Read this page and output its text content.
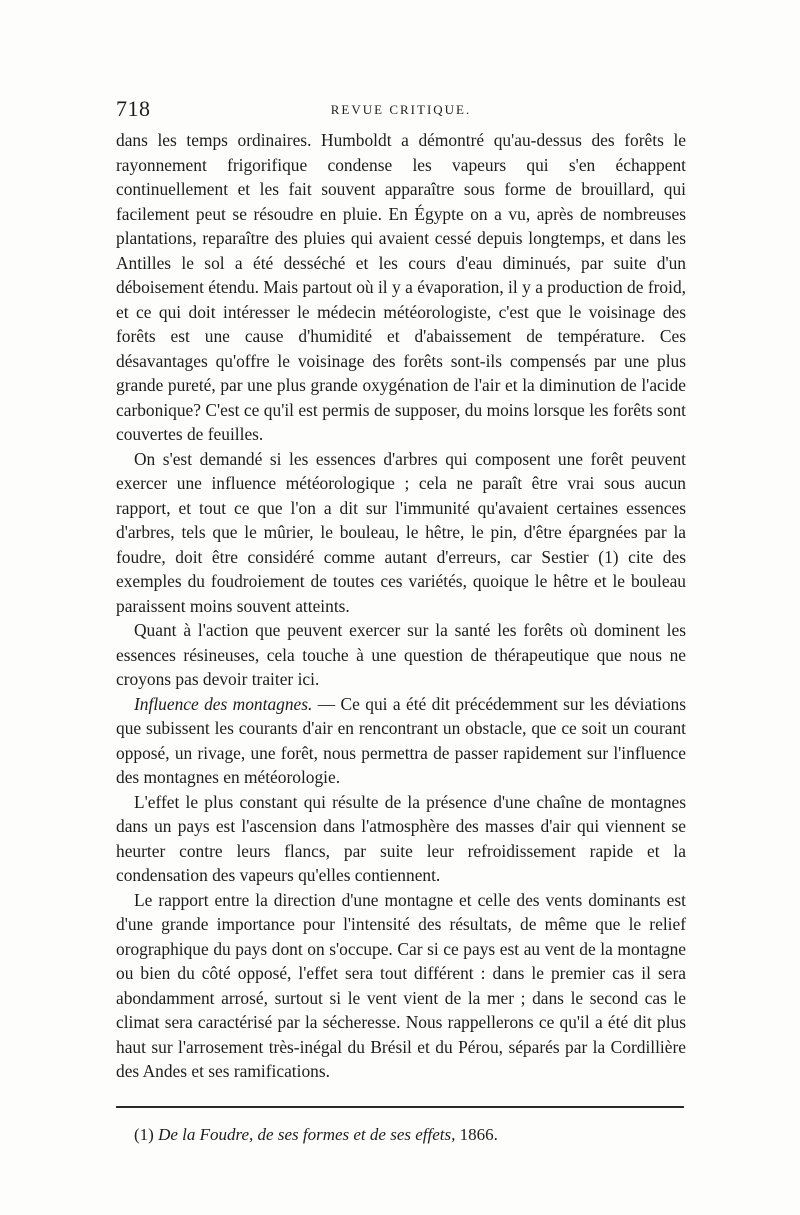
718	REVUE CRITIQUE.

dans les temps ordinaires. Humboldt a démontré qu'au-dessus des forêts le rayonnement frigorifique condense les vapeurs qui s'en échappent continuellement et les fait souvent apparaître sous forme de brouillard, qui facilement peut se résoudre en pluie. En Égypte on a vu, après de nombreuses plantations, reparaître des pluies qui avaient cessé depuis longtemps, et dans les Antilles le sol a été desséché et les cours d'eau diminués, par suite d'un déboisement étendu. Mais partout où il y a évaporation, il y a production de froid, et ce qui doit intéresser le médecin météorologiste, c'est que le voisinage des forêts est une cause d'humidité et d'abaissement de température. Ces désavantages qu'offre le voisinage des forêts sont-ils compensés par une plus grande pureté, par une plus grande oxygénation de l'air et la diminution de l'acide carbonique? C'est ce qu'il est permis de supposer, du moins lorsque les forêts sont couvertes de feuilles.

On s'est demandé si les essences d'arbres qui composent une forêt peuvent exercer une influence météorologique ; cela ne paraît être vrai sous aucun rapport, et tout ce que l'on a dit sur l'immunité qu'avaient certaines essences d'arbres, tels que le mûrier, le bouleau, le hêtre, le pin, d'être épargnées par la foudre, doit être considéré comme autant d'erreurs, car Sestier (1) cite des exemples du foudroiement de toutes ces variétés, quoique le hêtre et le bouleau paraissent moins souvent atteints.

Quant à l'action que peuvent exercer sur la santé les forêts où dominent les essences résineuses, cela touche à une question de thérapeutique que nous ne croyons pas devoir traiter ici.

Influence des montagnes. — Ce qui a été dit précédemment sur les déviations que subissent les courants d'air en rencontrant un obstacle, que ce soit un courant opposé, un rivage, une forêt, nous permettra de passer rapidement sur l'influence des montagnes en météorologie.

L'effet le plus constant qui résulte de la présence d'une chaîne de montagnes dans un pays est l'ascension dans l'atmosphère des masses d'air qui viennent se heurter contre leurs flancs, par suite leur refroidissement rapide et la condensation des vapeurs qu'elles contiennent.

Le rapport entre la direction d'une montagne et celle des vents dominants est d'une grande importance pour l'intensité des résultats, de même que le relief orographique du pays dont on s'occupe. Car si ce pays est au vent de la montagne ou bien du côté opposé, l'effet sera tout différent : dans le premier cas il sera abondamment arrosé, surtout si le vent vient de la mer ; dans le second cas le climat sera caractérisé par la sécheresse. Nous rappellerons ce qu'il a été dit plus haut sur l'arrosement très-inégal du Brésil et du Pérou, séparés par la Cordillière des Andes et ses ramifications.

(1) De la Foudre, de ses formes et de ses effets, 1866.
